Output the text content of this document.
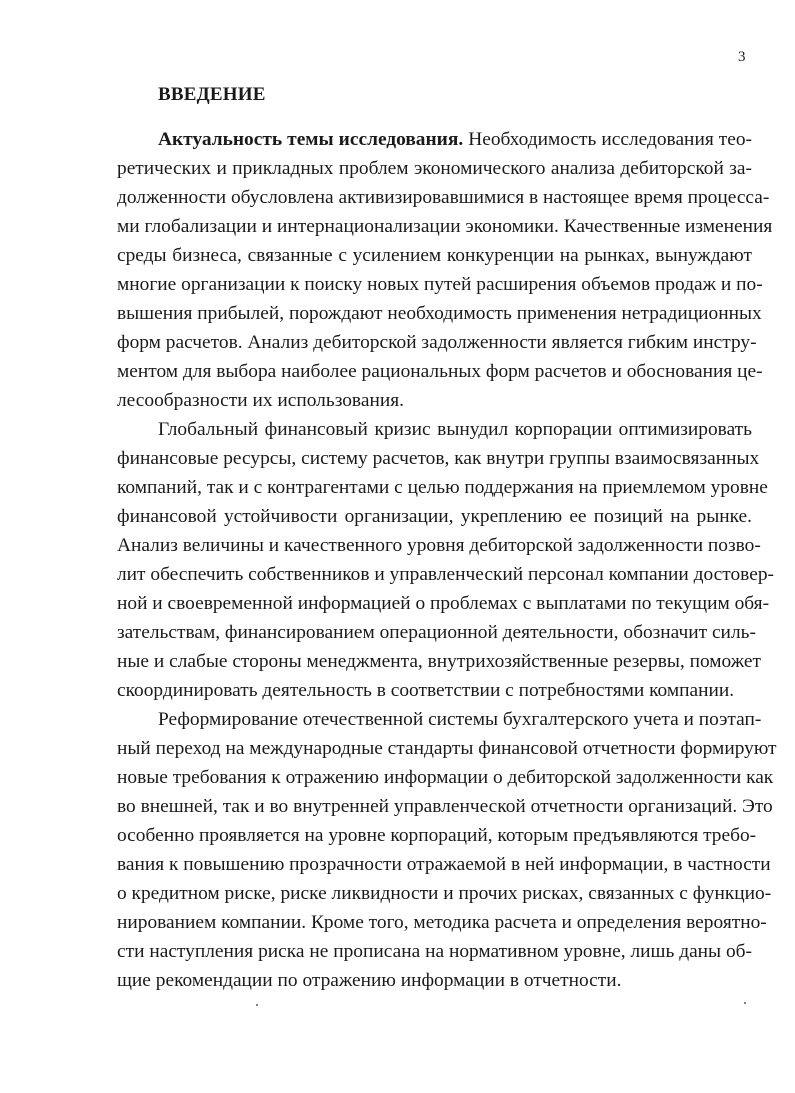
3
ВВЕДЕНИЕ
Актуальность темы исследования. Необходимость исследования тео-
ретических и прикладных проблем экономического анализа дебиторской за-
долженности обусловлена активизировавшимися в настоящее время процесса-
ми глобализации и интернационализации экономики. Качественные изменения
среды бизнеса, связанные с усилением конкуренции на рынках, вынуждают
многие организации к поиску новых путей расширения объемов продаж и по-
вышения прибылей, порождают необходимость применения нетрадиционных
форм расчетов. Анализ дебиторской задолженности является гибким инстру-
ментом для выбора наиболее рациональных форм расчетов и обоснования це-
лесообразности их использования.
Глобальный финансовый кризис вынудил корпорации оптимизировать
финансовые ресурсы, систему расчетов, как внутри группы взаимосвязанных
компаний, так и с контрагентами с целью поддержания на приемлемом уровне
финансовой устойчивости организации, укреплению ее позиций на рынке.
Анализ величины и качественного уровня дебиторской задолженности позво-
лит обеспечить собственников и управленческий персонал компании достовер-
ной и своевременной информацией о проблемах с выплатами по текущим обя-
зательствам, финансированием операционной деятельности, обозначит силь-
ные и слабые стороны менеджмента, внутрихозяйственные резервы, поможет
скоординировать деятельность в соответствии с потребностями компании.
Реформирование отечественной системы бухгалтерского учета и поэтап-
ный переход на международные стандарты финансовой отчетности формируют
новые требования к отражению информации о дебиторской задолженности как
во внешней, так и во внутренней управленческой отчетности организаций. Это
особенно проявляется на уровне корпораций, которым предъявляются требо-
вания к повышению прозрачности отражаемой в ней информации, в частности
о кредитном риске, риске ликвидности и прочих рисках, связанных с функцио-
нированием компании. Кроме того, методика расчета и определения вероятно-
сти наступления риска не прописана на нормативном уровне, лишь даны об-
щие рекомендации по отражению информации в отчетности.
